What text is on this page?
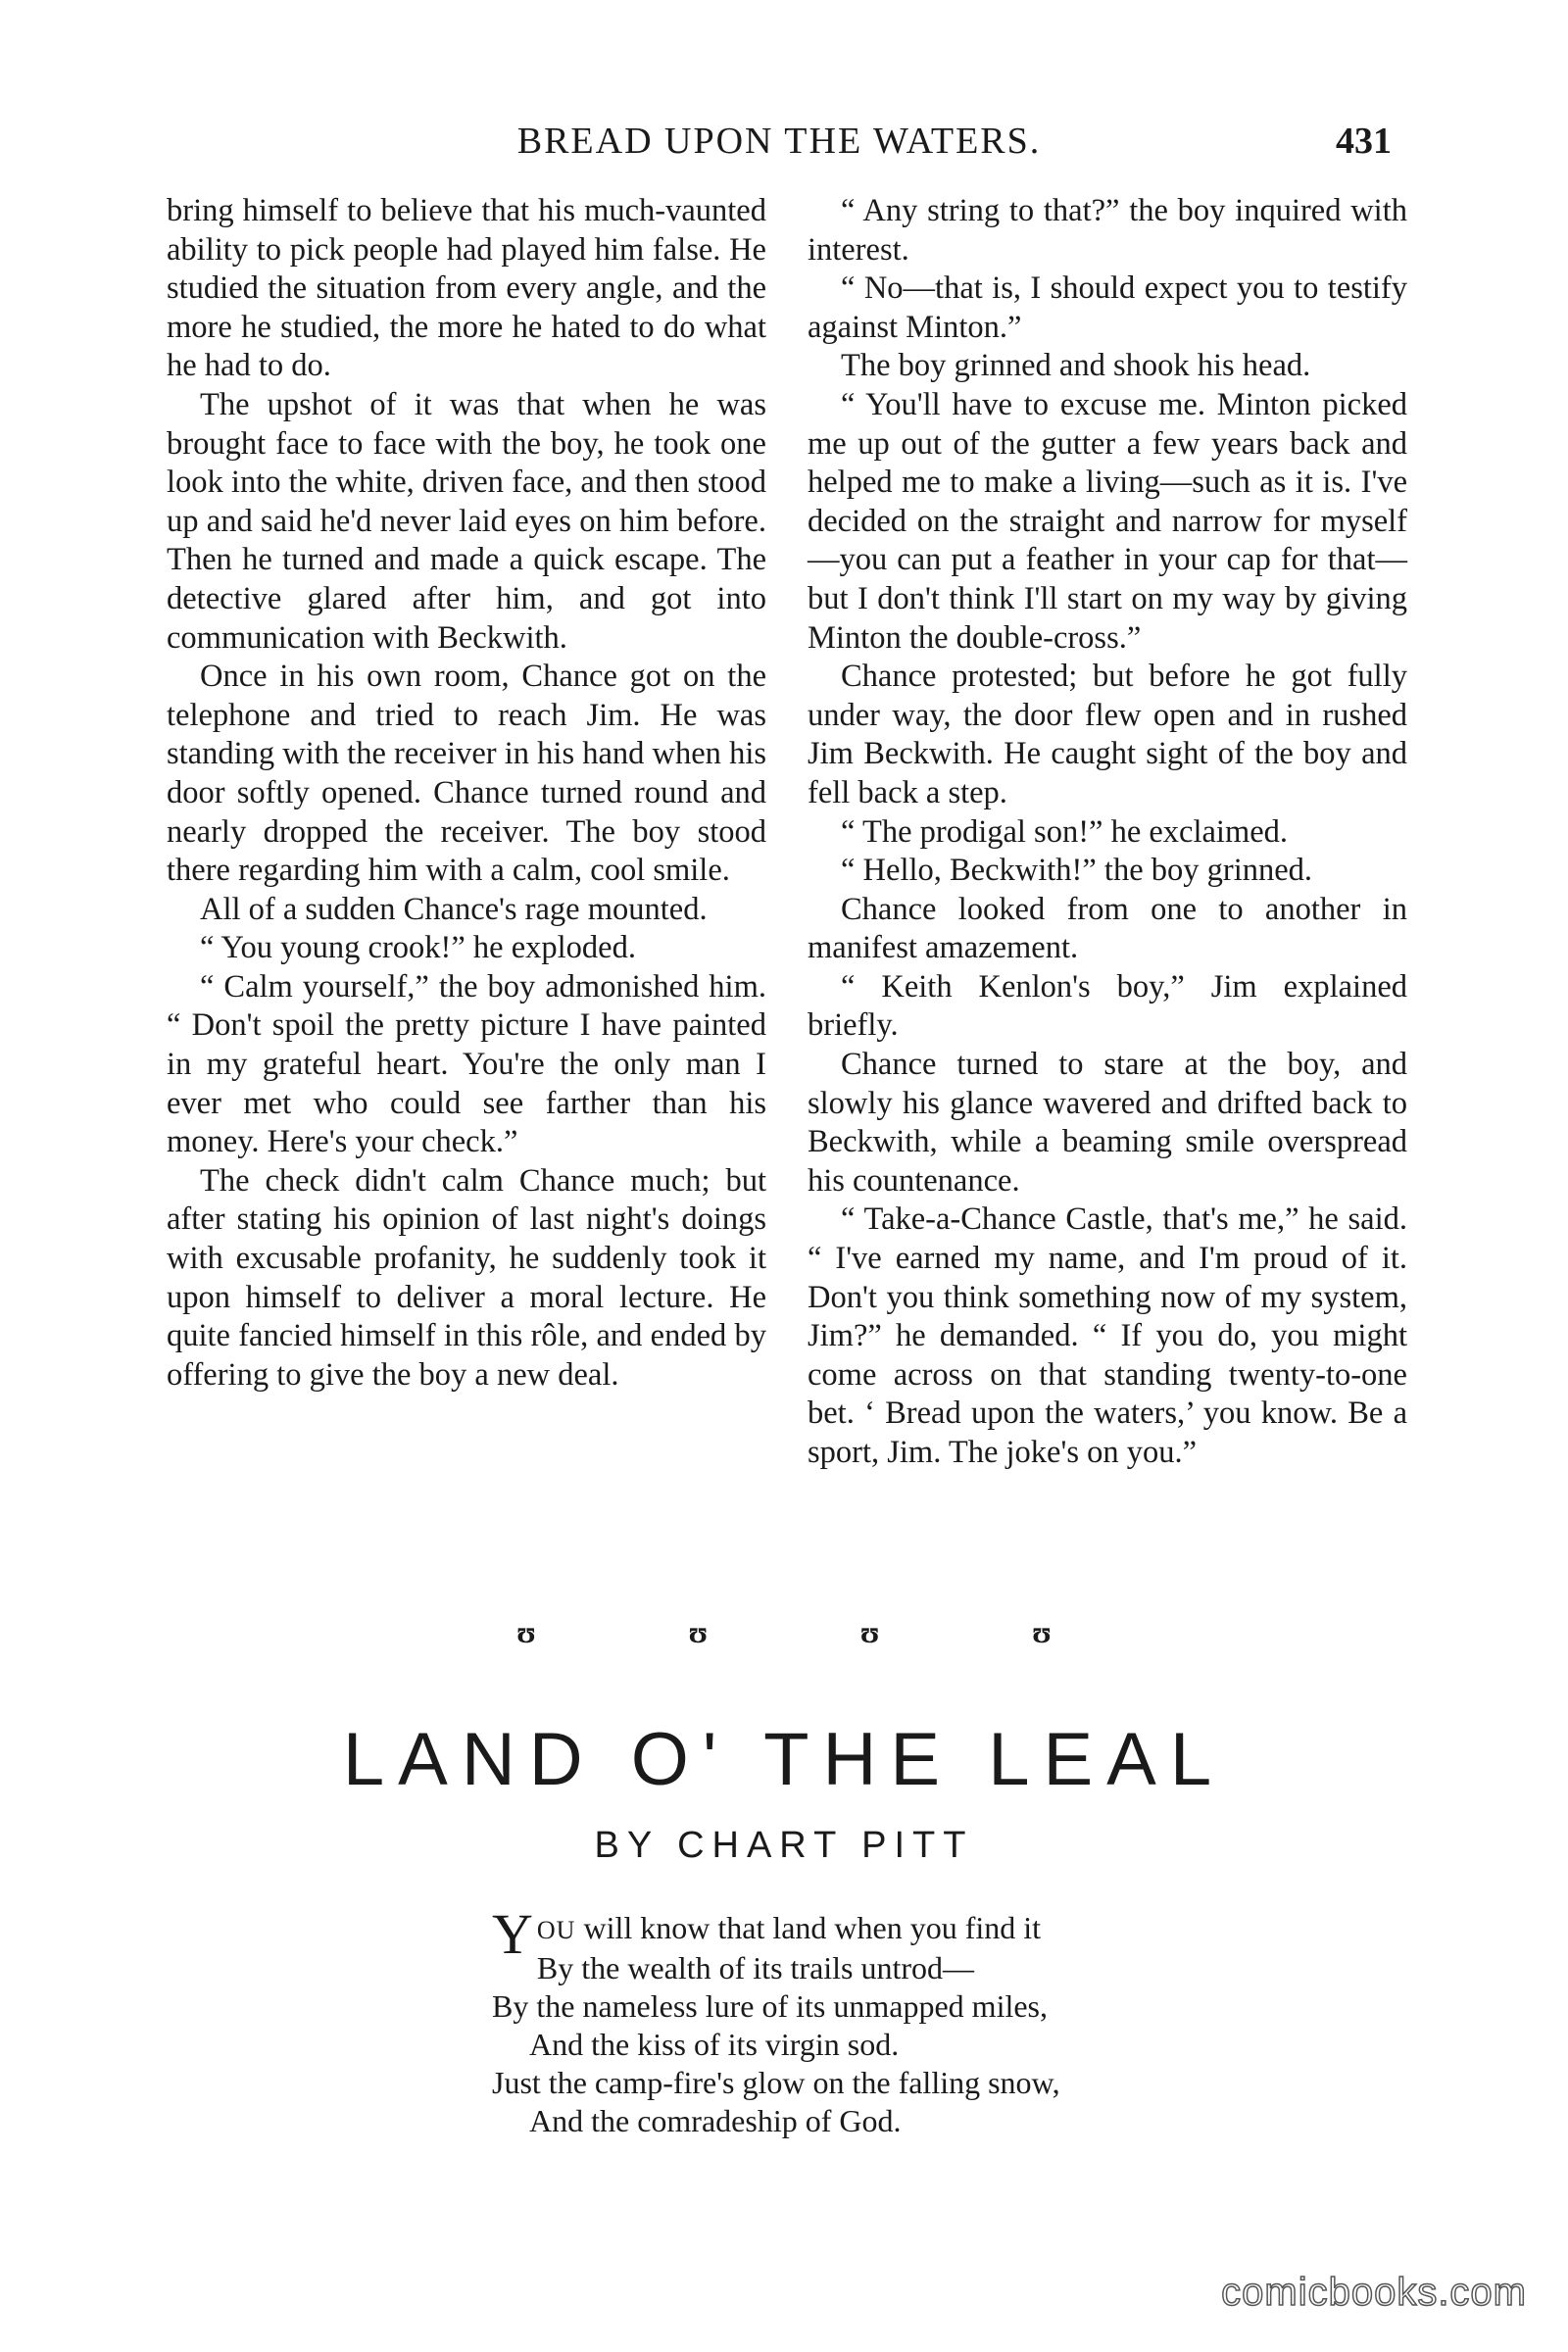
BREAD UPON THE WATERS.	431

bring himself to believe that his much-vaunted ability to pick people had played him false. He studied the situation from every angle, and the more he studied, the more he hated to do what he had to do.

The upshot of it was that when he was brought face to face with the boy, he took one look into the white, driven face, and then stood up and said he'd never laid eyes on him before. Then he turned and made a quick escape. The detective glared after him, and got into communication with Beckwith.

Once in his own room, Chance got on the telephone and tried to reach Jim. He was standing with the receiver in his hand when his door softly opened. Chance turned round and nearly dropped the receiver. The boy stood there regarding him with a calm, cool smile.

All of a sudden Chance's rage mounted.

“ You young crook!” he exploded.

“ Calm yourself,” the boy admonished him. “ Don't spoil the pretty picture I have painted in my grateful heart. You're the only man I ever met who could see farther than his money. Here's your check.”

The check didn't calm Chance much; but after stating his opinion of last night's doings with excusable profanity, he suddenly took it upon himself to deliver a moral lecture. He quite fancied himself in this rôle, and ended by offering to give the boy a new deal.

“ Any string to that?” the boy inquired with interest.

“ No—that is, I should expect you to testify against Minton.”

The boy grinned and shook his head.

“ You'll have to excuse me. Minton picked me up out of the gutter a few years back and helped me to make a living—such as it is. I've decided on the straight and narrow for myself—you can put a feather in your cap for that—but I don't think I'll start on my way by giving Minton the double-cross.”

Chance protested; but before he got fully under way, the door flew open and in rushed Jim Beckwith. He caught sight of the boy and fell back a step.

“ The prodigal son!” he exclaimed.

“ Hello, Beckwith!” the boy grinned.

Chance looked from one to another in manifest amazement.

“ Keith Kenlon's boy,” Jim explained briefly.

Chance turned to stare at the boy, and slowly his glance wavered and drifted back to Beckwith, while a beaming smile overspread his countenance.

“ Take-a-Chance Castle, that's me,” he said. “ I've earned my name, and I'm proud of it. Don't you think something now of my system, Jim?” he demanded. “ If you do, you might come across on that standing twenty-to-one bet. ‘ Bread upon the waters,’ you know. Be a sport, Jim. The joke's on you.”

ʊ	ʊ	ʊ	ʊ
LAND O' THE LEAL
BY CHART PITT
YOU will know that land when you find it
By the wealth of its trails untrod—
By the nameless lure of its unmapped miles,
And the kiss of its virgin sod.
Just the camp-fire's glow on the falling snow,
And the comradeship of God.
comicbooks.com
